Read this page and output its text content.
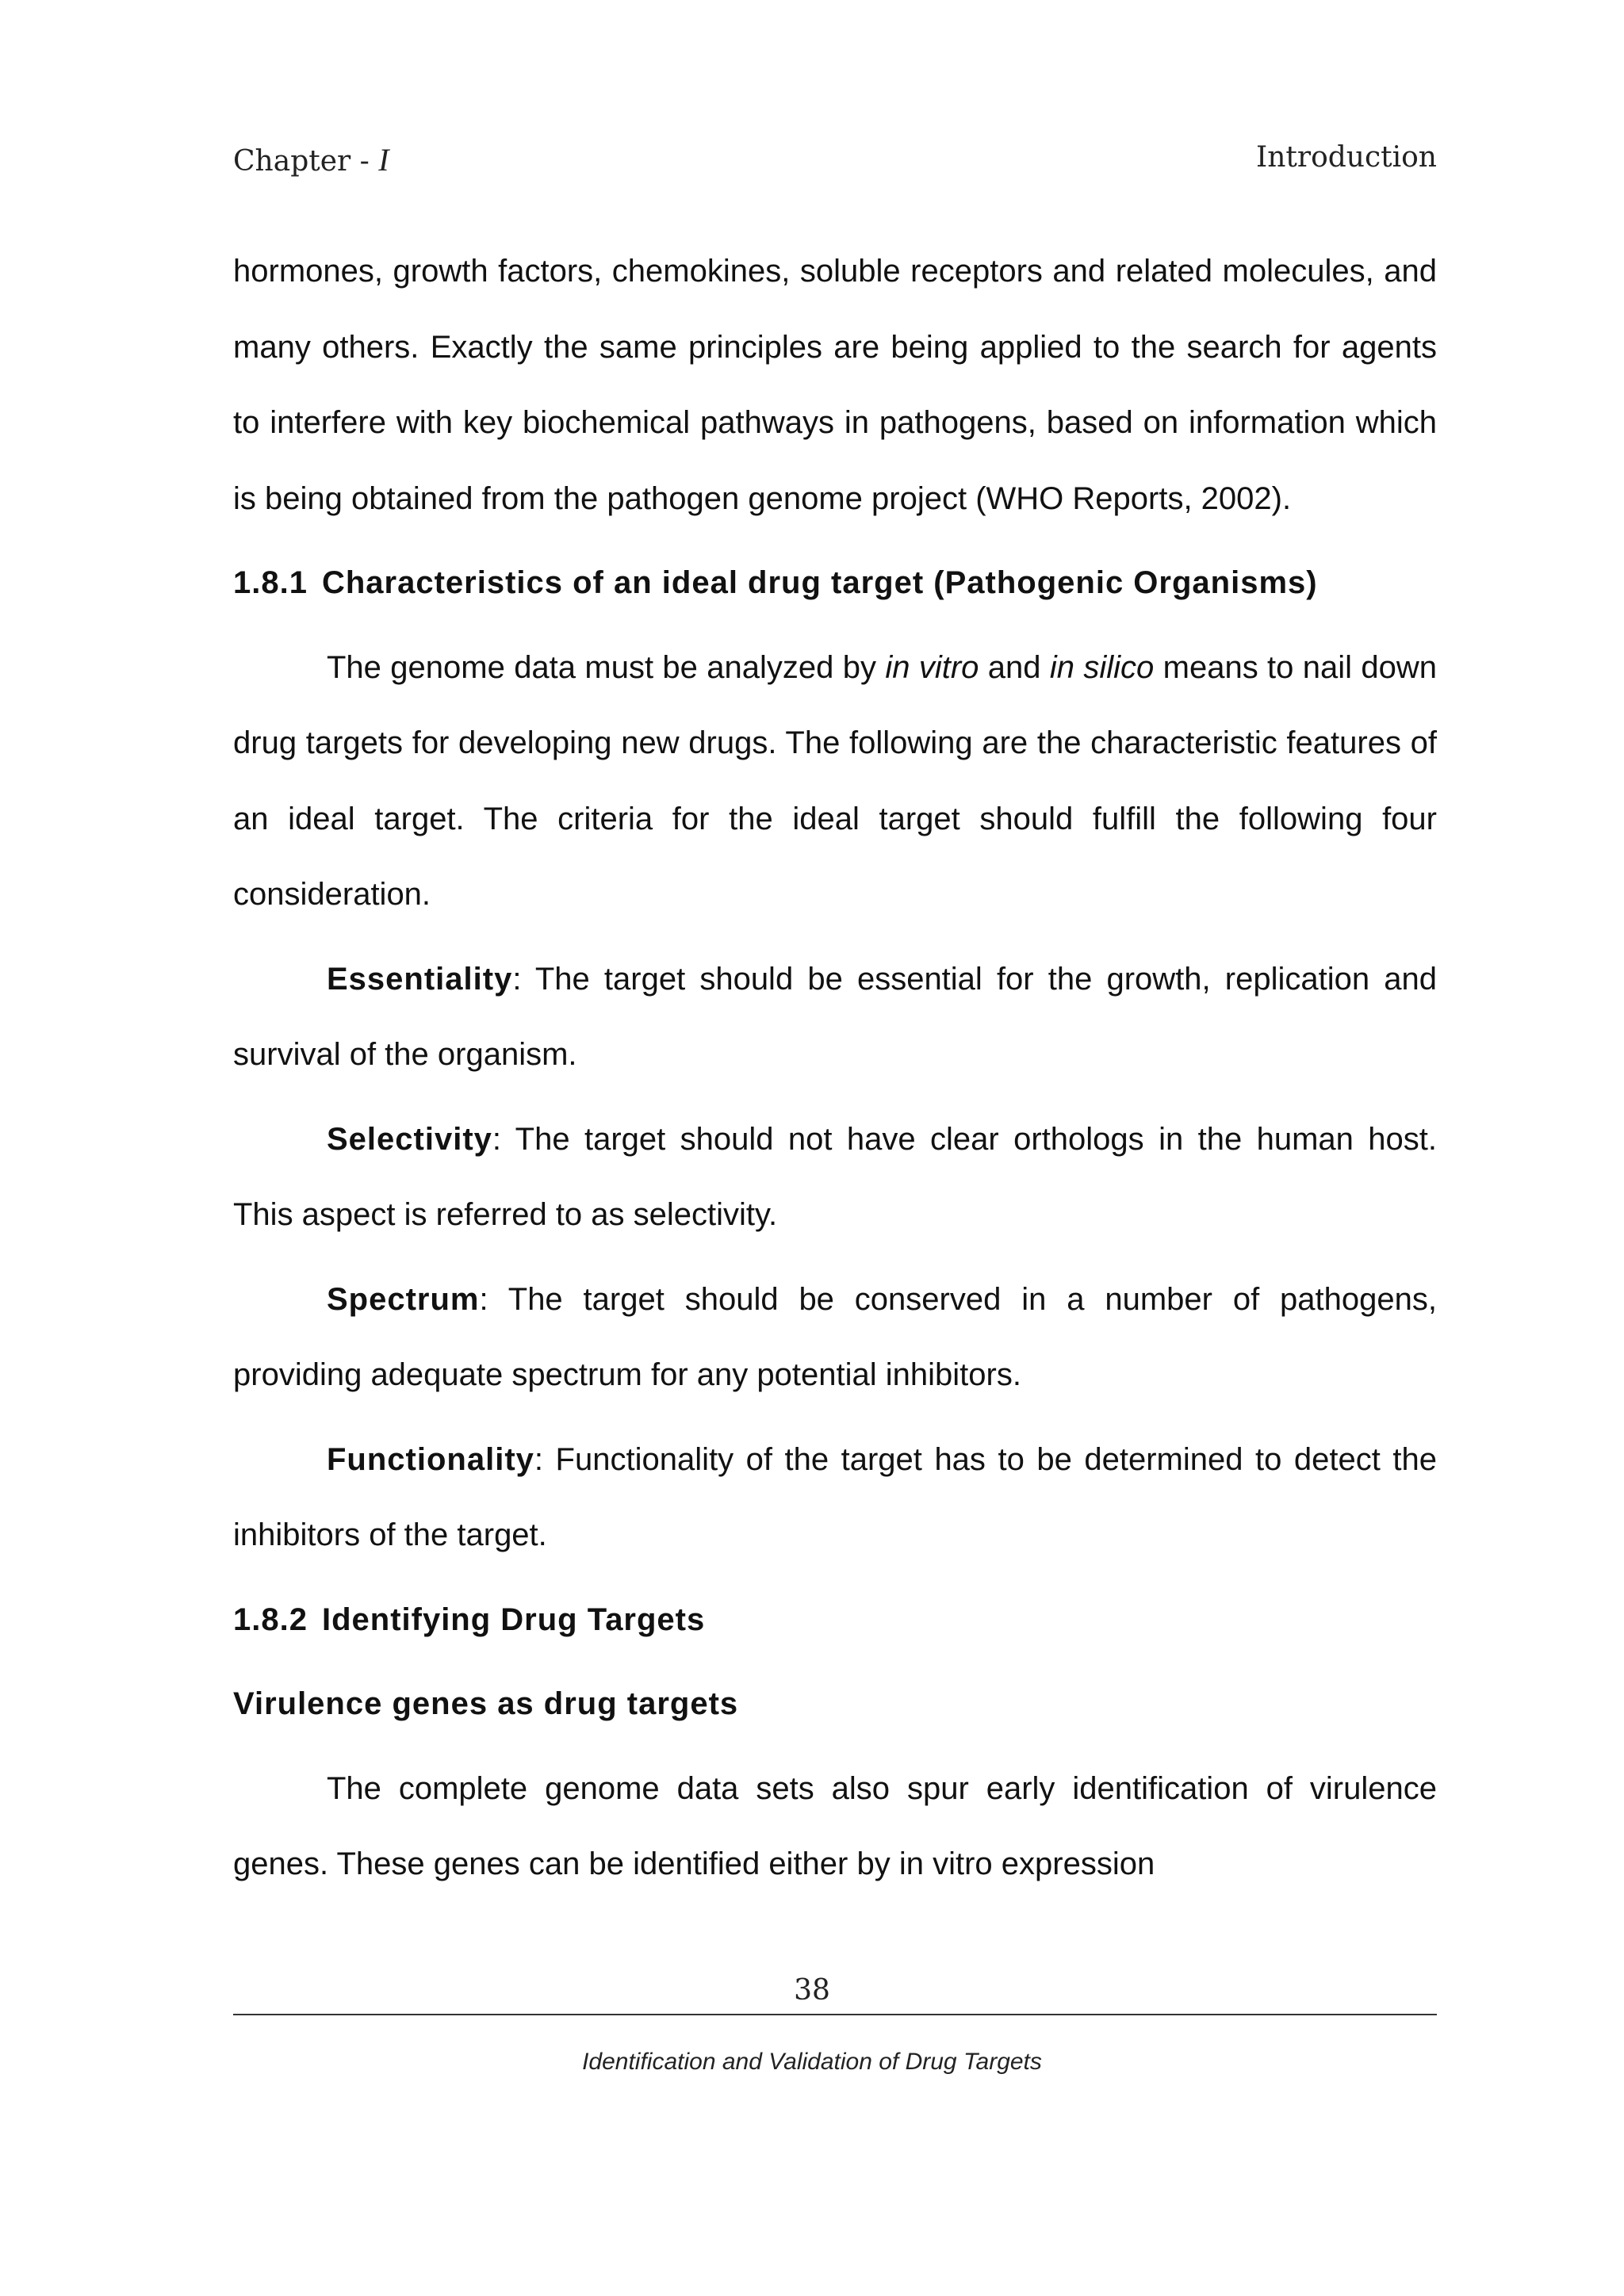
Chapter - I	Introduction

hormones, growth factors, chemokines, soluble receptors and related molecules, and many others. Exactly the same principles are being applied to the search for agents to interfere with key biochemical pathways in pathogens, based on information which is being obtained from the pathogen genome project (WHO Reports, 2002).

1.8.1 Characteristics of an ideal drug target (Pathogenic Organisms)

The genome data must be analyzed by in vitro and in silico means to nail down drug targets for developing new drugs. The following are the characteristic features of an ideal target. The criteria for the ideal target should fulfill the following four consideration.

Essentiality: The target should be essential for the growth, replication and survival of the organism.

Selectivity: The target should not have clear orthologs in the human host. This aspect is referred to as selectivity.

Spectrum: The target should be conserved in a number of pathogens, providing adequate spectrum for any potential inhibitors.

Functionality: Functionality of the target has to be determined to detect the inhibitors of the target.

1.8.2 Identifying Drug Targets

Virulence genes as drug targets

The complete genome data sets also spur early identification of virulence genes. These genes can be identified either by in vitro expression

38
Identification and Validation of Drug Targets
